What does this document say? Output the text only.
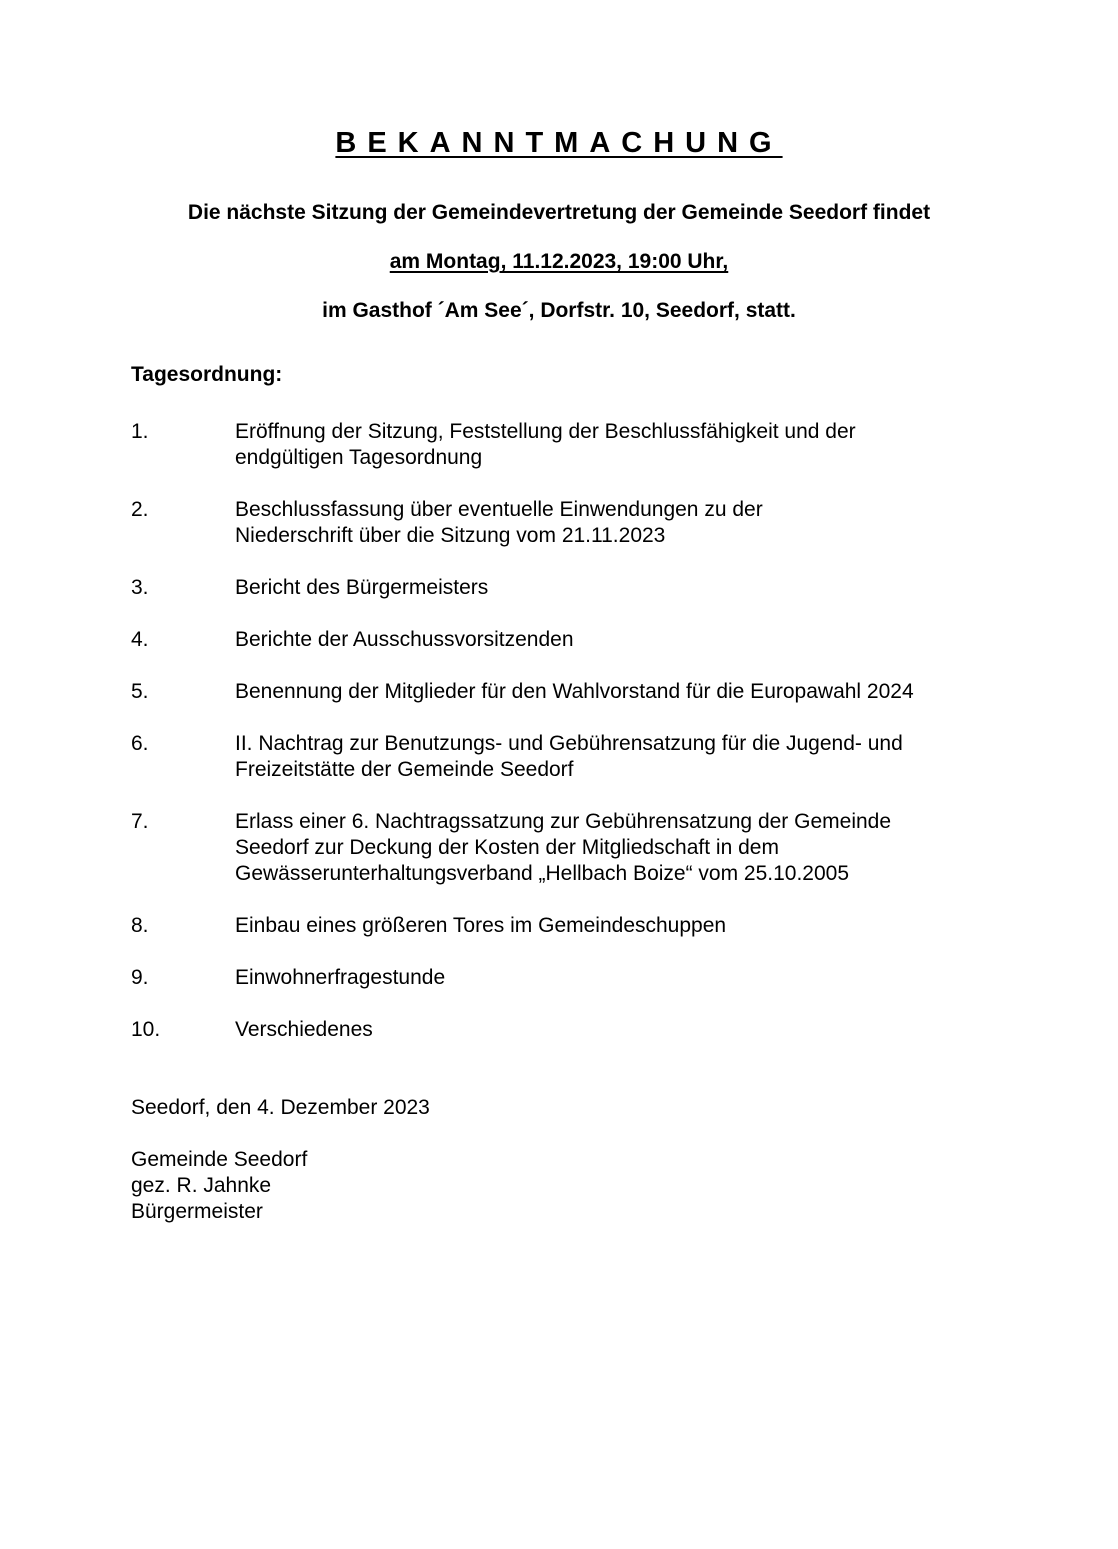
BEKANNTMACHUNG
Die nächste Sitzung der Gemeindevertretung der Gemeinde Seedorf findet
am Montag, 11.12.2023, 19:00 Uhr,
im Gasthof ´Am See´, Dorfstr. 10, Seedorf, statt.
Tagesordnung:
1.	Eröffnung der Sitzung, Feststellung der Beschlussfähigkeit und der
endgültigen Tagesordnung
2.	Beschlussfassung über eventuelle Einwendungen zu der
Niederschrift über die Sitzung vom 21.11.2023
3.	Bericht des Bürgermeisters
4.	Berichte der Ausschussvorsitzenden
5.	Benennung der Mitglieder für den Wahlvorstand für die Europawahl 2024
6.	II. Nachtrag zur Benutzungs- und Gebührensatzung für die Jugend- und
Freizeitstätte der Gemeinde Seedorf
7.	Erlass einer 6. Nachtragssatzung zur Gebührensatzung der Gemeinde
Seedorf zur Deckung der Kosten der Mitgliedschaft in dem
Gewässerunterhaltungsverband „Hellbach Boize“ vom 25.10.2005
8.	Einbau eines größeren Tores im Gemeindeschuppen
9.	Einwohnerfragestunde
10.	Verschiedenes
Seedorf, den 4. Dezember 2023
Gemeinde Seedorf
gez. R. Jahnke
Bürgermeister
